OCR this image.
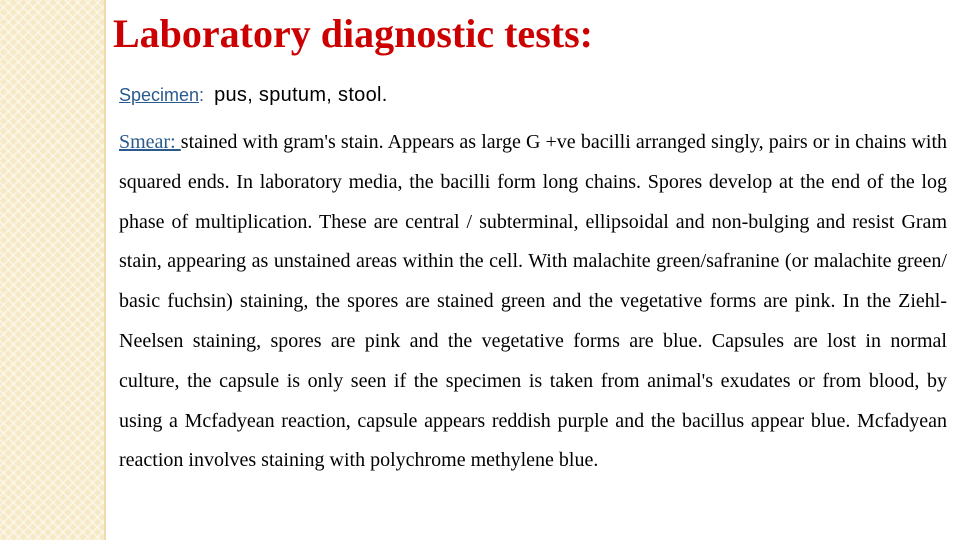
Laboratory diagnostic tests:

Specimen: pus, sputum, stool.

Smear: stained with gram's stain. Appears as large G +ve bacilli arranged singly, pairs or in chains with squared ends. In laboratory media, the bacilli form long chains. Spores develop at the end of the log phase of multiplication. These are central / subterminal, ellipsoidal and non-bulging and resist Gram stain, appearing as unstained areas within the cell. With malachite green/safranine (or malachite green/ basic fuchsin) staining, the spores are stained green and the vegetative forms are pink. In the Ziehl-Neelsen staining, spores are pink and the vegetative forms are blue. Capsules are lost in normal culture, the capsule is only seen if the specimen is taken from animal's exudates or from blood, by using a Mcfadyean reaction, capsule appears reddish purple and the bacillus appear blue. Mcfadyean reaction involves staining with polychrome methylene blue.
